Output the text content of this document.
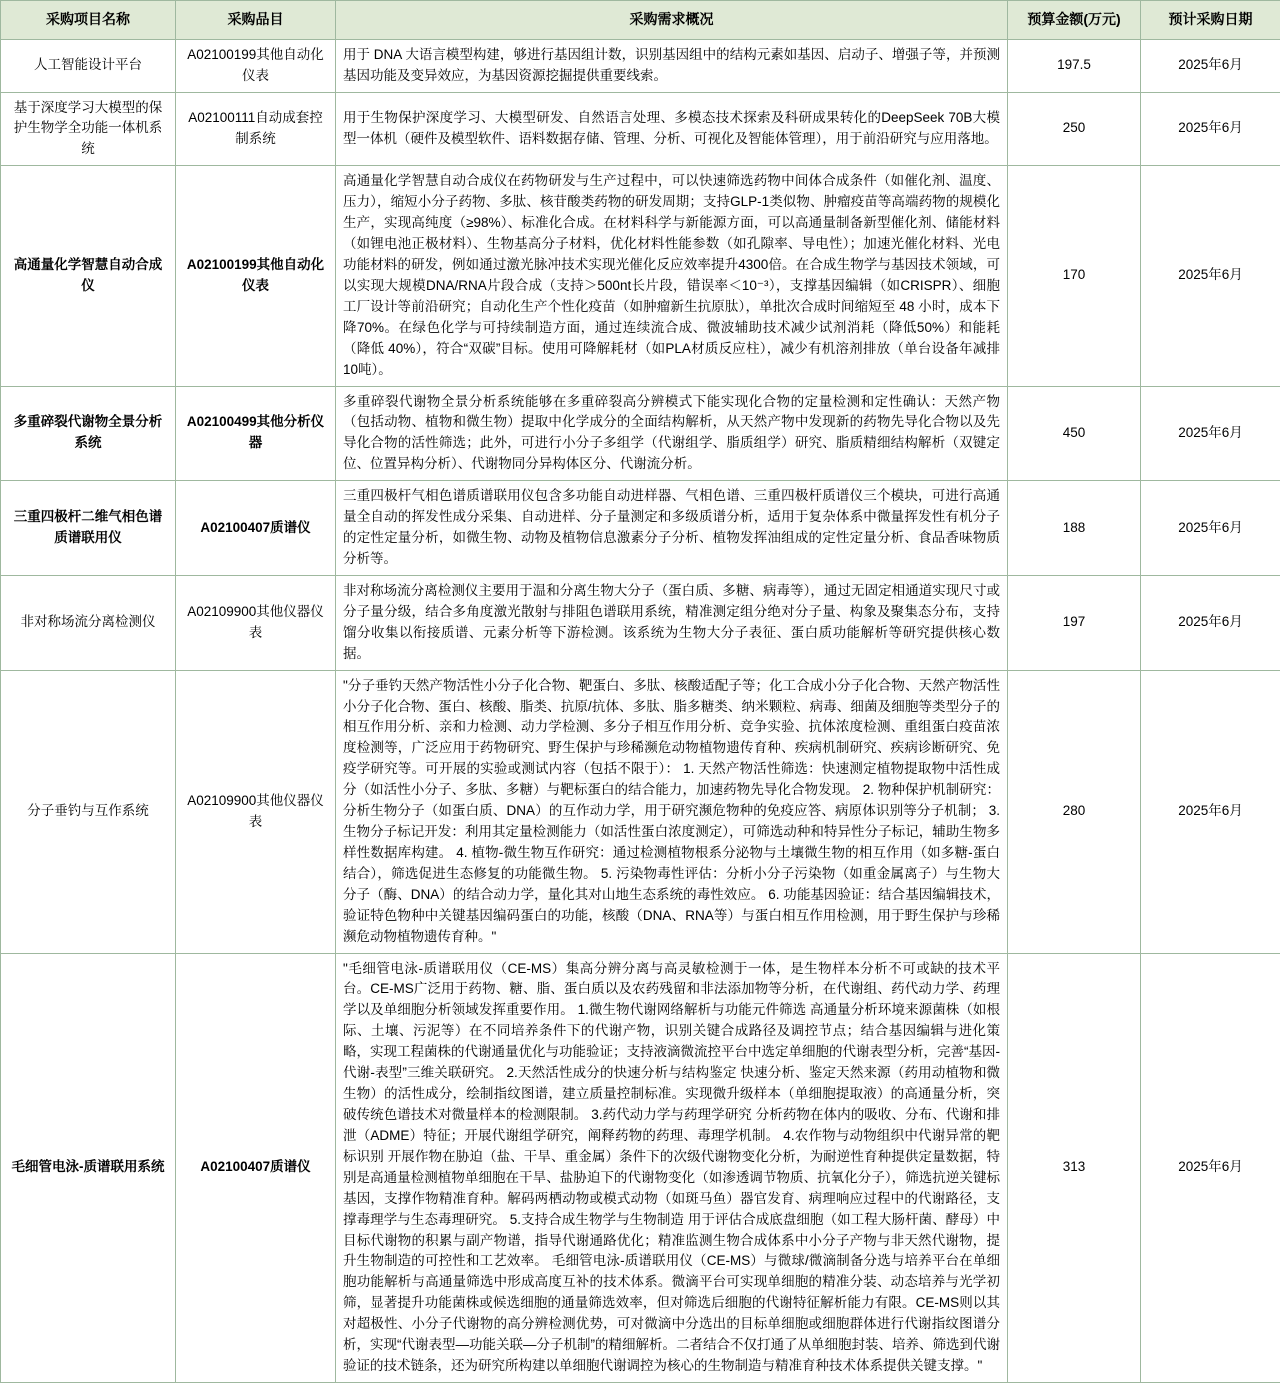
采购项目名称	采购品目	采购需求概况	预算金额(万元)	预计采购日期
人工智能设计平台	A02100199其他自动化仪表	用于 DNA 大语言模型构建，够进行基因组计数，识别基因组中的结构元素如基因、启动子、增强子等，并预测基因功能及变异效应，为基因资源挖掘提供重要线索。	197.5	2025年6月
基于深度学习大模型的保护生物学全功能一体机系统	A02100111自动成套控制系统	用于生物保护深度学习、大模型研发、自然语言处理、多模态技术探索及科研成果转化的DeepSeek 70B大模型一体机（硬件及模型软件、语料数据存储、管理、分析、可视化及智能体管理），用于前沿研究与应用落地。	250	2025年6月
高通量化学智慧自动合成仪	A02100199其他自动化仪表	高通量化学智慧自动合成仪在药物研发与生产过程中，可以快速筛选药物中间体合成条件（如催化剂、温度、压力），缩短小分子药物、多肽、核苷酸类药物的研发周期；支持GLP-1类似物、肿瘤疫苗等高端药物的规模化生产，实现高纯度（≥98%）、标准化合成。在材料科学与新能源方面，可以高通量制备新型催化剂、储能材料（如锂电池正极材料）、生物基高分子材料，优化材料性能参数（如孔隙率、导电性）；加速光催化材料、光电功能材料的研发，例如通过激光脉冲技术实现光催化反应效率提升4300倍。在合成生物学与基因技术领域，可以实现大规模DNA/RNA片段合成（支持＞500nt长片段，错误率＜10⁻³），支撑基因编辑（如CRISPR）、细胞工厂设计等前沿研究；自动化生产个性化疫苗（如肿瘤新生抗原肽），单批次合成时间缩短至 48 小时，成本下降70%。在绿色化学与可持续制造方面，通过连续流合成、微波辅助技术减少试剂消耗（降低50%）和能耗（降低 40%），符合“双碳”目标。使用可降解耗材（如PLA材质反应柱），减少有机溶剂排放（单台设备年减排10吨）。	170	2025年6月
多重碎裂代谢物全景分析系统	A02100499其他分析仪器	多重碎裂代谢物全景分析系统能够在多重碎裂高分辨模式下能实现化合物的定量检测和定性确认：天然产物（包括动物、植物和微生物）提取中化学成分的全面结构解析，从天然产物中发现新的药物先导化合物以及先导化合物的活性筛选；此外，可进行小分子多组学（代谢组学、脂质组学）研究、脂质精细结构解析（双键定位、位置异构分析）、代谢物同分异构体区分、代谢流分析。	450	2025年6月
三重四极杆二维气相色谱质谱联用仪	A02100407质谱仪	三重四极杆气相色谱质谱联用仪包含多功能自动进样器、气相色谱、三重四极杆质谱仪三个模块，可进行高通量全自动的挥发性成分采集、自动进样、分子量测定和多级质谱分析，适用于复杂体系中微量挥发性有机分子的定性定量分析，如微生物、动物及植物信息激素分子分析、植物发挥油组成的定性定量分析、食品香味物质分析等。	188	2025年6月
非对称场流分离检测仪	A02109900其他仪器仪表	非对称场流分离检测仪主要用于温和分离生物大分子（蛋白质、多糖、病毒等），通过无固定相通道实现尺寸或分子量分级，结合多角度激光散射与排阻色谱联用系统，精准测定组分绝对分子量、构象及聚集态分布，支持馏分收集以衔接质谱、元素分析等下游检测。该系统为生物大分子表征、蛋白质功能解析等研究提供核心数据。	197	2025年6月
分子垂钓与互作系统	A02109900其他仪器仪表	"分子垂钓天然产物活性小分子化合物、靶蛋白、多肽、核酸适配子等；化工合成小分子化合物、天然产物活性小分子化合物、蛋白、核酸、脂类、抗原/抗体、多肽、脂多糖类、纳米颗粒、病毒、细菌及细胞等类型分子的相互作用分析、亲和力检测、动力学检测、多分子相互作用分析、竞争实验、抗体浓度检测、重组蛋白疫苗浓度检测等，广泛应用于药物研究、野生保护与珍稀濒危动物植物遗传育种、疾病机制研究、疾病诊断研究、免疫学研究等。可开展的实验或测试内容（包括不限于）： 1. 天然产物活性筛选：快速测定植物提取物中活性成分（如活性小分子、多肽、多糖）与靶标蛋白的结合能力，加速药物先导化合物发现。 2. 物种保护机制研究：分析生物分子（如蛋白质、DNA）的互作动力学，用于研究濒危物种的免疫应答、病原体识别等分子机制； 3. 生物分子标记开发：利用其定量检测能力（如活性蛋白浓度测定），可筛选动种和特异性分子标记，辅助生物多样性数据库构建。 4. 植物-微生物互作研究：通过检测植物根系分泌物与土壤微生物的相互作用（如多糖-蛋白结合），筛选促进生态修复的功能微生物。 5. 污染物毒性评估：分析小分子污染物（如重金属离子）与生物大分子（酶、DNA）的结合动力学，量化其对山地生态系统的毒性效应。 6. 功能基因验证：结合基因编辑技术，验证特色物种中关键基因编码蛋白的功能，核酸（DNA、RNA等）与蛋白相互作用检测，用于野生保护与珍稀濒危动物植物遗传育种。"	280	2025年6月
毛细管电泳-质谱联用系统	A02100407质谱仪	"毛细管电泳-质谱联用仪（CE-MS）集高分辨分离与高灵敏检测于一体，是生物样本分析不可或缺的技术平台。CE-MS广泛用于药物、糖、脂、蛋白质以及农药残留和非法添加物等分析，在代谢组、药代动力学、药理学以及单细胞分析领域发挥重要作用。 1.微生物代谢网络解析与功能元件筛选 高通量分析环境来源菌株（如根际、土壤、污泥等）在不同培养条件下的代谢产物，识别关键合成路径及调控节点；结合基因编辑与进化策略，实现工程菌株的代谢通量优化与功能验证；支持液滴微流控平台中选定单细胞的代谢表型分析，完善“基因-代谢-表型”三维关联研究。 2.天然活性成分的快速分析与结构鉴定 快速分析、鉴定天然来源（药用动植物和微生物）的活性成分，绘制指纹图谱，建立质量控制标准。实现微升级样本（单细胞提取液）的高通量分析，突破传统色谱技术对微量样本的检测限制。 3.药代动力学与药理学研究 分析药物在体内的吸收、分布、代谢和排泄（ADME）特征；开展代谢组学研究，阐释药物的药理、毒理学机制。 4.农作物与动物组织中代谢异常的靶标识别 开展作物在胁迫（盐、干旱、重金属）条件下的次级代谢物变化分析，为耐逆性育种提供定量数据，特别是高通量检测植物单细胞在干旱、盐胁迫下的代谢物变化（如渗透调节物质、抗氧化分子），筛选抗逆关键标基因，支撑作物精准育种。解码两栖动物或模式动物（如斑马鱼）器官发育、病理响应过程中的代谢路径，支撑毒理学与生态毒理研究。 5.支持合成生物学与生物制造 用于评估合成底盘细胞（如工程大肠杆菌、酵母）中目标代谢物的积累与副产物谱，指导代谢通路优化；精准监测生物合成体系中小分子产物与非天然代谢物，提升生物制造的可控性和工艺效率。 毛细管电泳-质谱联用仪（CE-MS）与微球/微滴制备分选与培养平台在单细胞功能解析与高通量筛选中形成高度互补的技术体系。微滴平台可实现单细胞的精准分装、动态培养与光学初筛，显著提升功能菌株或候选细胞的通量筛选效率，但对筛选后细胞的代谢特征解析能力有限。CE-MS则以其对超极性、小分子代谢物的高分辨检测优势，可对微滴中分选出的目标单细胞或细胞群体进行代谢指纹图谱分析，实现“代谢表型—功能关联—分子机制”的精细解析。二者结合不仅打通了从单细胞封装、培养、筛选到代谢验证的技术链条，还为研究所构建以单细胞代谢调控为核心的生物制造与精准育种技术体系提供关键支撑。"	313	2025年6月
